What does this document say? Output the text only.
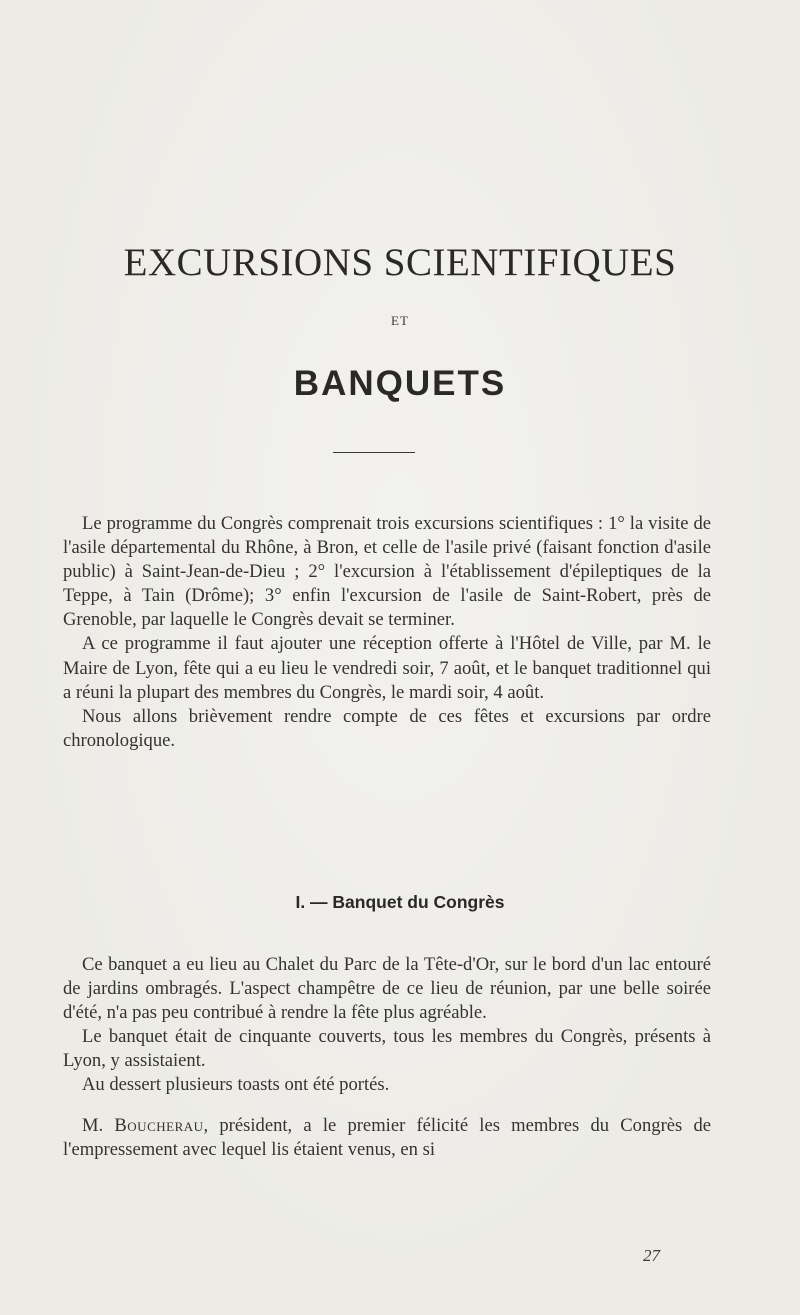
EXCURSIONS SCIENTIFIQUES
ET
BANQUETS

Le programme du Congrès comprenait trois excursions scientifiques : 1° la visite de l'asile départemental du Rhône, à Bron, et celle de l'asile privé (faisant fonction d'asile public) à Saint-Jean-de-Dieu ; 2° l'excursion à l'établissement d'épileptiques de la Teppe, à Tain (Drôme); 3° enfin l'excursion de l'asile de Saint-Robert, près de Grenoble, par laquelle le Congrès devait se terminer.

A ce programme il faut ajouter une réception offerte à l'Hôtel de Ville, par M. le Maire de Lyon, fête qui a eu lieu le vendredi soir, 7 août, et le banquet traditionnel qui a réuni la plupart des membres du Congrès, le mardi soir, 4 août.

Nous allons brièvement rendre compte de ces fêtes et excursions par ordre chronologique.

I. — Banquet du Congrès

Ce banquet a eu lieu au Chalet du Parc de la Tête-d'Or, sur le bord d'un lac entouré de jardins ombragés. L'aspect champêtre de ce lieu de réunion, par une belle soirée d'été, n'a pas peu contribué à rendre la fête plus agréable.

Le banquet était de cinquante couverts, tous les membres du Congrès, présents à Lyon, y assistaient.

Au dessert plusieurs toasts ont été portés.

M. Boucherau, président, a le premier félicité les membres du Congrès de l'empressement avec lequel lis étaient venus, en si

27
